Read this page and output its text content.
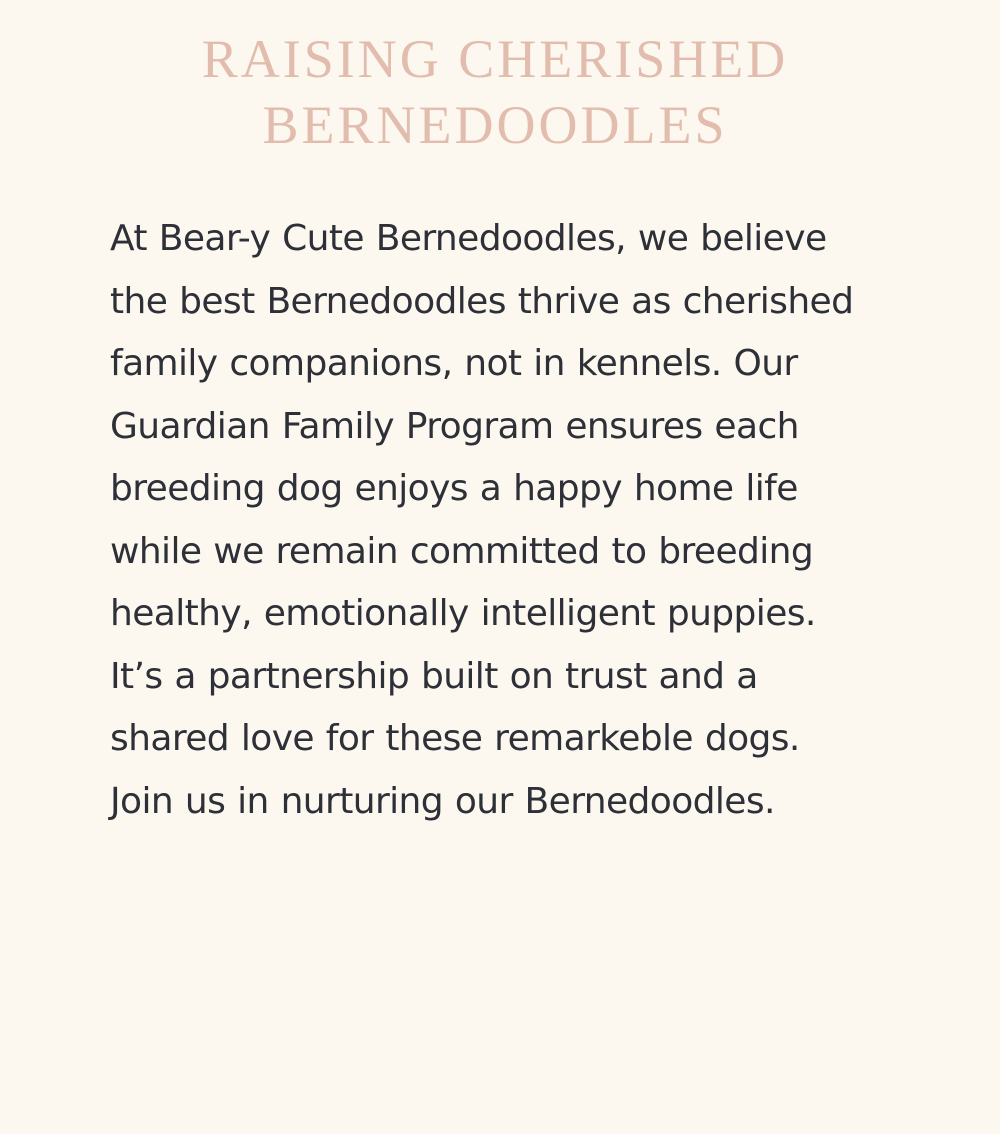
RAISING CHERISHED
BERNEDOODLES

At Bear-y Cute Bernedoodles, we believe
the best Bernedoodles thrive as cherished
family companions, not in kennels. Our
Guardian Family Program ensures each
breeding dog enjoys a happy home life
while we remain committed to breeding
healthy, emotionally intelligent puppies.
It’s a partnership built on trust and a
shared love for these remarkeble dogs.
Join us in nurturing our Bernedoodles.
